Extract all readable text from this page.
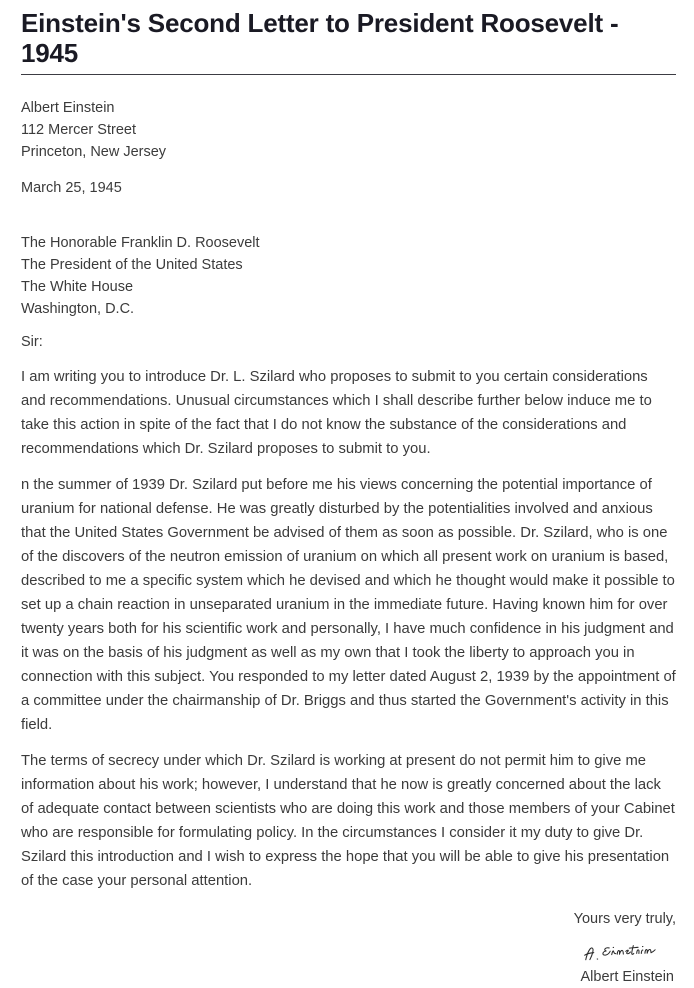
Einstein's Second Letter to President Roosevelt - 1945
Albert Einstein
112 Mercer Street
Princeton, New Jersey
March 25, 1945
The Honorable Franklin D. Roosevelt
The President of the United States
The White House
Washington, D.C.
Sir:

I am writing you to introduce Dr. L. Szilard who proposes to submit to you certain considerations and recommendations. Unusual circumstances which I shall describe further below induce me to take this action in spite of the fact that I do not know the substance of the considerations and recommendations which Dr. Szilard proposes to submit to you.

n the summer of 1939 Dr. Szilard put before me his views concerning the potential importance of uranium for national defense. He was greatly disturbed by the potentialities involved and anxious that the United States Government be advised of them as soon as possible. Dr. Szilard, who is one of the discovers of the neutron emission of uranium on which all present work on uranium is based, described to me a specific system which he devised and which he thought would make it possible to set up a chain reaction in unseparated uranium in the immediate future. Having known him for over twenty years both for his scientific work and personally, I have much confidence in his judgment and it was on the basis of his judgment as well as my own that I took the liberty to approach you in connection with this subject. You responded to my letter dated August 2, 1939 by the appointment of a committee under the chairmanship of Dr. Briggs and thus started the Government's activity in this field.

The terms of secrecy under which Dr. Szilard is working at present do not permit him to give me information about his work; however, I understand that he now is greatly concerned about the lack of adequate contact between scientists who are doing this work and those members of your Cabinet who are responsible for formulating policy. In the circumstances I consider it my duty to give Dr. Szilard this introduction and I wish to express the hope that you will be able to give his presentation of the case your personal attention.

Yours very truly,
Albert Einstein
